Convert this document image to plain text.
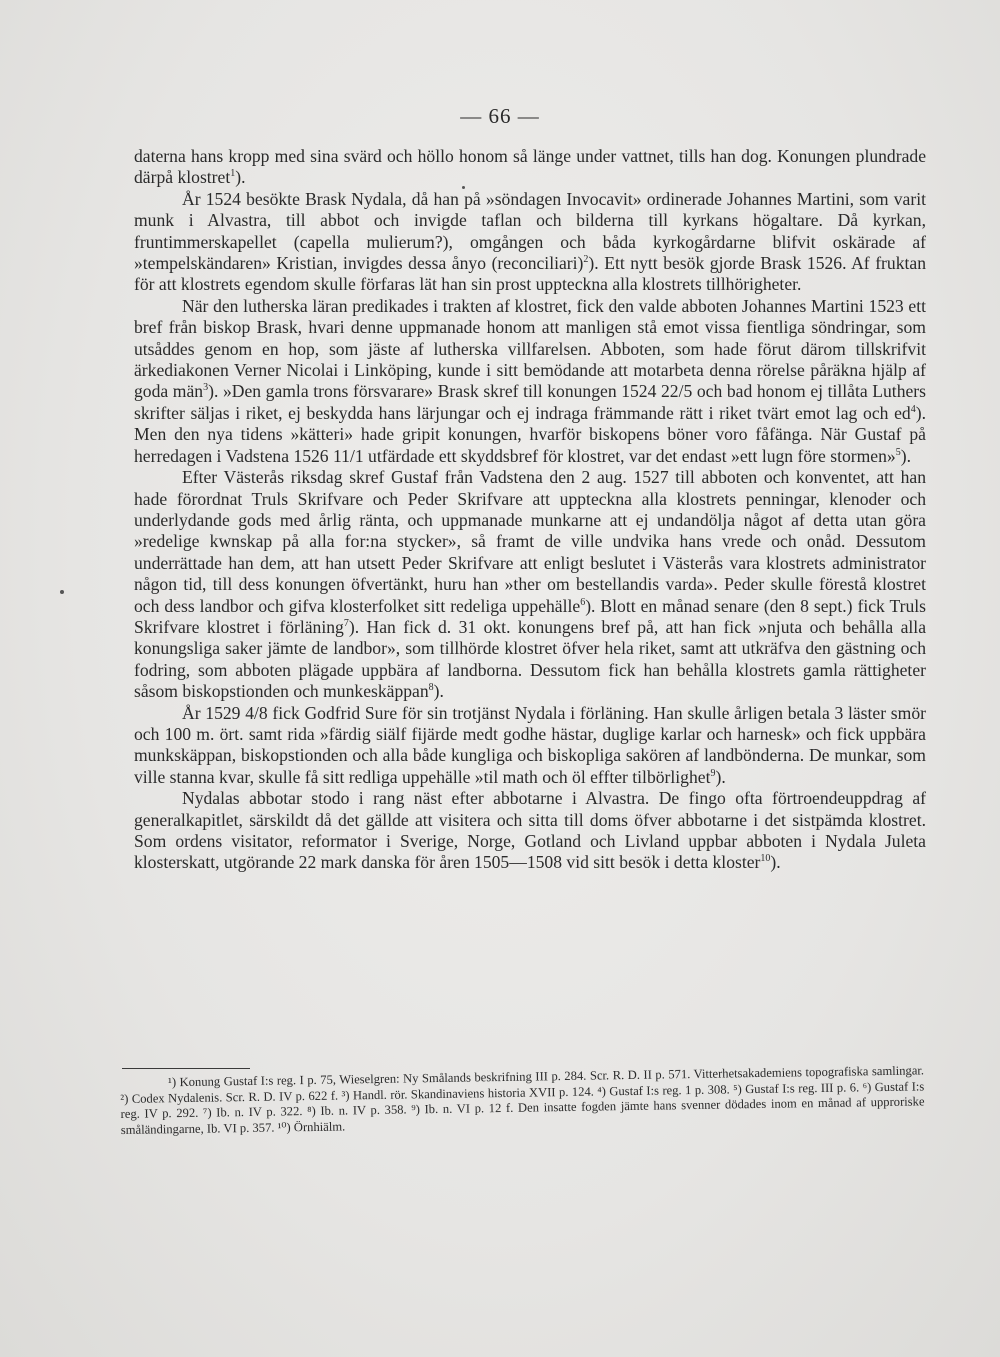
— 66 —

daterna hans kropp med sina svärd och höllo honom så länge under vattnet, tills han dog. Konungen plundrade därpå klostret$^1$).

År 1524 besökte Brask Nydala, då han på »söndagen Invocavit» ordinerade Johannes Martini, som varit munk i Alvastra, till abbot och invigde taflan och bilderna till kyrkans högaltare. Då kyrkan, fruntimmerskapellet (capella mulierum?), omgången och båda kyrkogårdarne blifvit oskärade af »tempelskändaren» Kristian, invigdes dessa ånyo (reconciliari)$^2$). Ett nytt besök gjorde Brask 1526. Af fruktan för att klostrets egendom skulle förfaras lät han sin prost uppteckna alla klostrets tillhörigheter.

När den lutherska läran predikades i trakten af klostret, fick den valde abboten Johannes Martini 1523 ett bref från biskop Brask, hvari denne uppmanade honom att manligen stå emot vissa fientliga söndringar, som utsåddes genom en hop, som jäste af lutherska villfarelsen. Abboten, som hade förut därom tillskrifvit ärkediakonen Verner Nicolai i Linköping, kunde i sitt bemödande att motarbeta denna rörelse påräkna hjälp af goda män$^3$). »Den gamla trons försvarare» Brask skref till konungen 1524 22/5 och bad honom ej tillåta Luthers skrifter säljas i riket, ej beskydda hans lärjungar och ej indraga främmande rätt i riket tvärt emot lag och $ed^4$). Men den nya tidens »kätteri» hade gripit konungen, hvarför biskopens böner voro fåfänga. När Gustaf på herredagen i Vadstena 1526 11/1 utfärdade ett skyddsbref för klostret, var det endast »ett lugn före stormen»$^5$).

Efter Västerås riksdag skref Gustaf från Vadstena den 2 aug. 1527 till abboten och konventet, att han hade förordnat Truls Skrifvare och Peder Skrifvare att uppteckna alla klostrets penningar, klenoder och underlydande gods med årlig ränta, och uppmanade munkarne att ej undandölja något af detta utan göra »redelige kwnskap på alla for:na stycker», så framt de ville undvika hans vrede och onåd. Dessutom underrättade han dem, att han utsett Peder Skrifvare att enligt beslutet i Västerås vara klostrets administrator någon tid, till dess konungen öfvertänkt, huru han »ther om bestellandis varda». Peder skulle förestå klostret och dess landbor och gifva klosterfolket sitt redeliga uppehälle$^6$). Blott en månad senare (den 8 sept.) fick Truls Skrifvare klostret i förläning$^7$). Han fick d. 31 okt. konungens bref på, att han fick »njuta och behålla alla konungsliga saker jämte de landbor», som tillhörde klostret öfver hela riket, samt att utkräfva den gästning och fodring, som abboten plägade uppbära af landborna. Dessutom fick han behålla klostrets gamla rättigheter såsom biskopstionden och munkeskäppan$^8$).

År 1529 4/8 fick Godfrid Sure för sin trotjänst Nydala i förläning. Han skulle årligen betala 3 läster smör och 100 m. ört. samt rida »färdig siälf fijärde medt godhe hästar, duglige karlar och harnesk» och fick uppbära munkskäppan, biskopstionden och alla både kungliga och biskopliga sakören af landbönderna. De munkar, som ville stanna kvar, skulle få sitt redliga uppehälle »til math och öl effter tilbörlighet$^9$).

Nydalas abbotar stodo i rang näst efter abbotarne i Alvastra. De fingo ofta förtroendeuppdrag af generalkapitlet, särskildt då det gällde att visitera och sitta till doms öfver abbotarne i det sistpämda klostret. Som ordens visitator, reformator i Sverige, Norge, Gotland och Livland uppbar abboten i Nydala Juleta klosterskatt, utgörande 22 mark danska för åren 1505—1508 vid sitt besök i detta kloster$^{10}$).

¹) Konung Gustaf I:s reg. I p. 75, Wieselgren: Ny Smålands beskrifning III p. 284. Scr. R. D. II p. 571. Vitterhetsakademiens topografiska samlingar. ²) Codex Nydalenis. Scr. R. D. IV p. 622 f. ³) Handl. rör. Skandinaviens historia XVII p. 124. ⁴) Gustaf I:s reg. 1 p. 308. ⁵) Gustaf I:s reg. III p. 6. ⁶) Gustaf I:s reg. IV p. 292. ⁷) Ib. n. IV p. 322. ⁸) Ib. n. IV p. 358. ⁹) Ib. n. VI p. 12 f. Den insatte fogden jämte hans svenner dödades inom en månad af upproriske småländingarne, Ib. VI p. 357. ¹⁰) Örnhiälm.
